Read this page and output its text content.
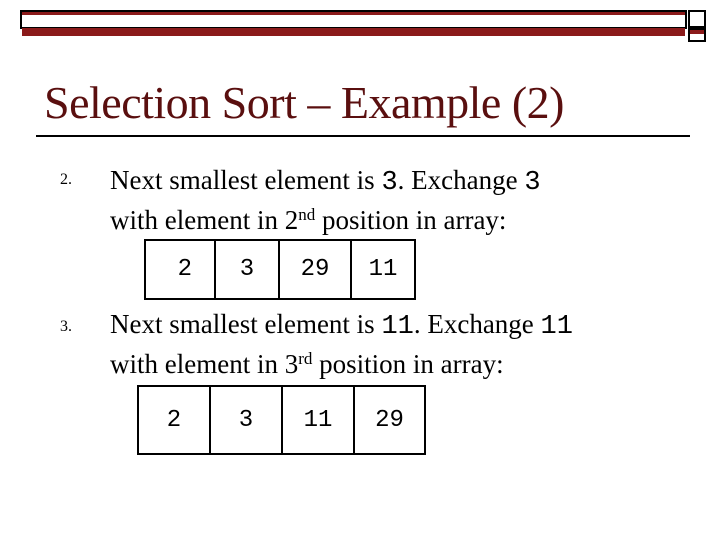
Selection Sort – Example (2)
2. Next smallest element is 3. Exchange 3
with element in 2nd position in array:
2	3	29	11
3. Next smallest element is 11. Exchange 11
with element in 3rd position in array:
2	3	11	29
